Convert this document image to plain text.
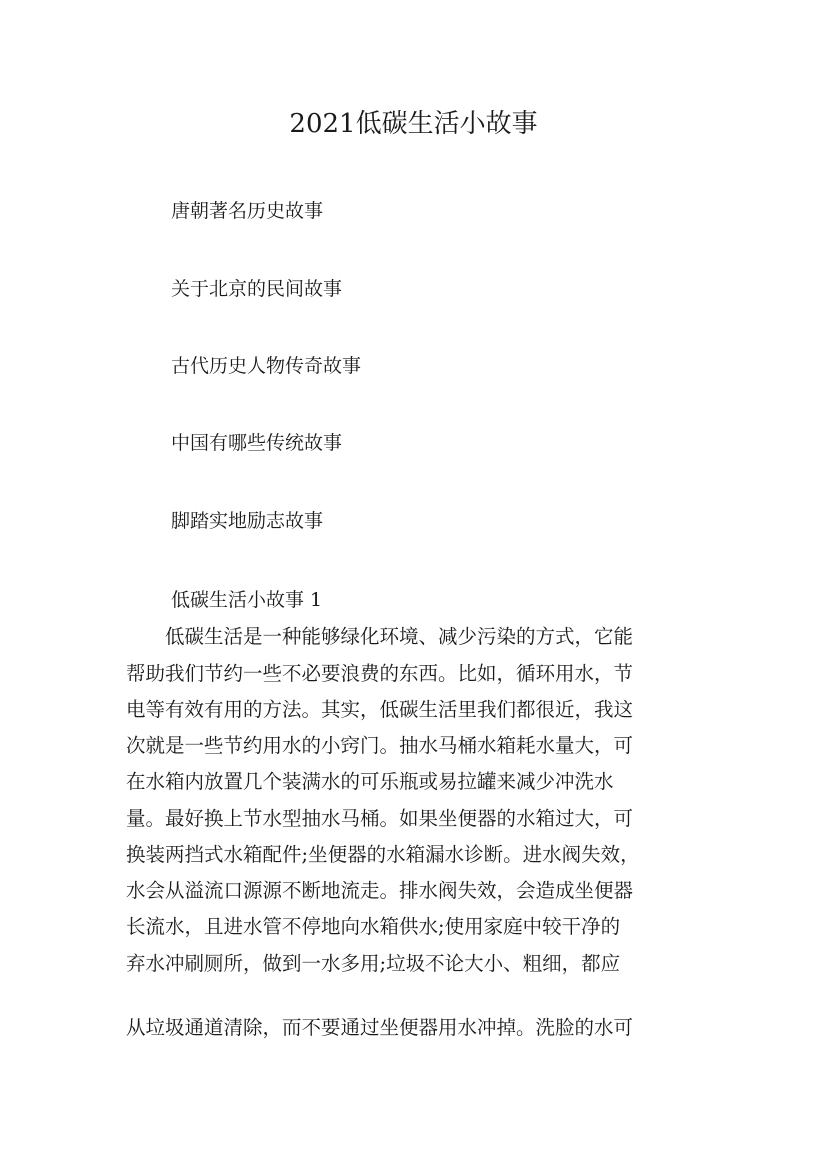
2021低碳生活小故事

唐朝著名历史故事

关于北京的民间故事

古代历史人物传奇故事

中国有哪些传统故事

脚踏实地励志故事

低碳生活小故事 1

　　低碳生活是一种能够绿化环境、减少污染的方式，它能

帮助我们节约一些不必要浪费的东西。比如，循环用水，节

电等有效有用的方法。其实，低碳生活里我们都很近，我这

次就是一些节约用水的小窍门。抽水马桶水箱耗水量大，可

在水箱内放置几个装满水的可乐瓶或易拉罐来减少冲洗水

量。最好换上节水型抽水马桶。如果坐便器的水箱过大，可

换装两挡式水箱配件;坐便器的水箱漏水诊断。进水阀失效，

水会从溢流口源源不断地流走。排水阀失效，会造成坐便器

长流水，且进水管不停地向水箱供水;使用家庭中较干净的

弃水冲刷厕所，做到一水多用;垃圾不论大小、粗细，都应

从垃圾通道清除，而不要通过坐便器用水冲掉。洗脸的水可
